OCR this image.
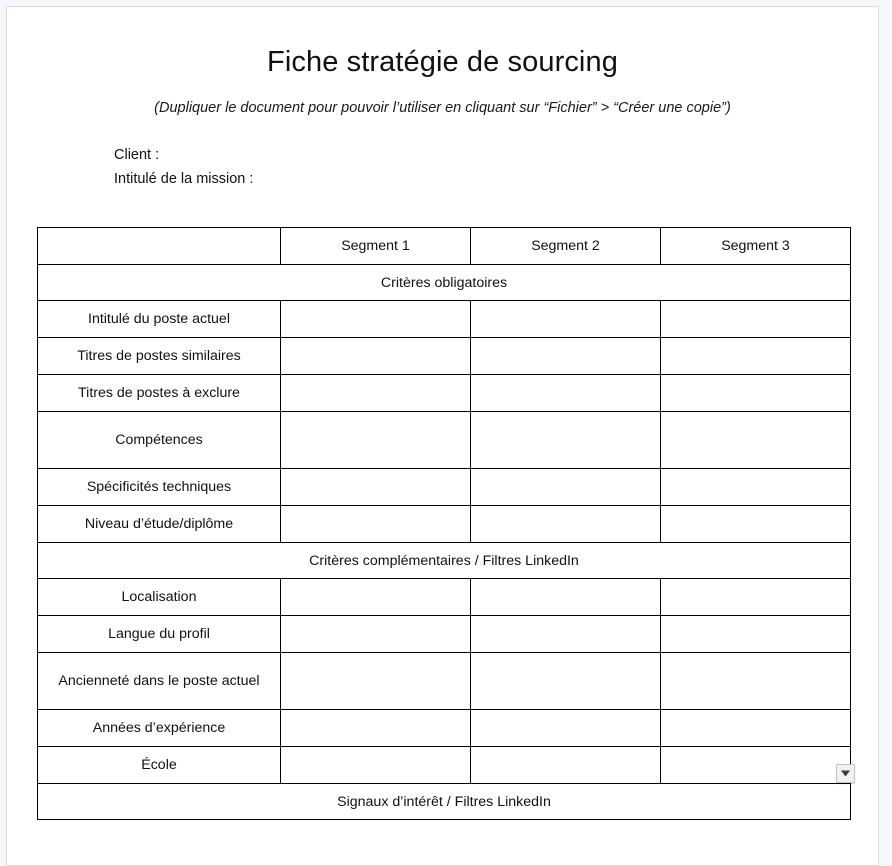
Fiche stratégie de sourcing
(Dupliquer le document pour pouvoir l’utiliser en cliquant sur “Fichier” > “Créer une copie”)
Client :
Intitulé de la mission :
	Segment 1	Segment 2	Segment 3
Critères obligatoires			
Intitulé du poste actuel			
Titres de postes similaires			
Titres de postes à exclure			
Compétences			
Spécificités techniques			
Niveau d’étude/diplôme			
Critères complémentaires / Filtres LinkedIn			
Localisation			
Langue du profil			
Ancienneté dans le poste actuel			
Années d’expérience			
École			
Signaux d’intérêt / Filtres LinkedIn			
